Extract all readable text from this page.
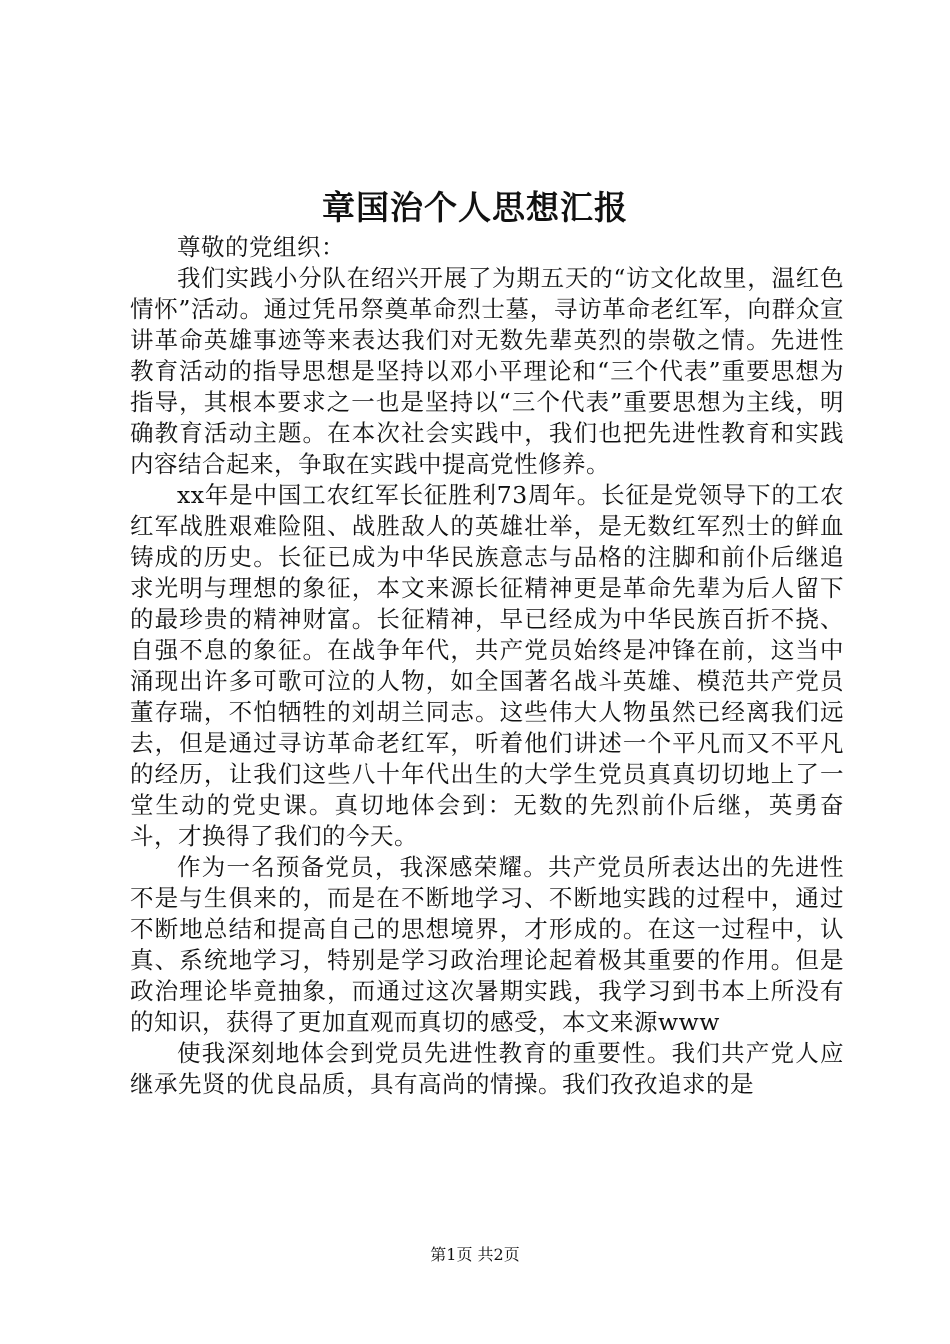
章国治个人思想汇报

尊敬的党组织：

我们实践小分队在绍兴开展了为期五天的“访文化故里，温红色情怀”活动。通过凭吊祭奠革命烈士墓，寻访革命老红军，向群众宣讲革命英雄事迹等来表达我们对无数先辈英烈的崇敬之情。先进性教育活动的指导思想是坚持以邓小平理论和“三个代表”重要思想为指导，其根本要求之一也是坚持以“三个代表”重要思想为主线，明确教育活动主题。在本次社会实践中，我们也把先进性教育和实践内容结合起来，争取在实践中提高党性修养。

xx年是中国工农红军长征胜利73周年。长征是党领导下的工农红军战胜艰难险阻、战胜敌人的英雄壮举，是无数红军烈士的鲜血铸成的历史。长征已成为中华民族意志与品格的注脚和前仆后继追求光明与理想的象征，本文来源长征精神更是革命先辈为后人留下的最珍贵的精神财富。长征精神，早已经成为中华民族百折不挠、自强不息的象征。在战争年代，共产党员始终是冲锋在前，这当中涌现出许多可歌可泣的人物，如全国著名战斗英雄、模范共产党员董存瑞，不怕牺牲的刘胡兰同志。这些伟大人物虽然已经离我们远去，但是通过寻访革命老红军，听着他们讲述一个平凡而又不平凡的经历，让我们这些八十年代出生的大学生党员真真切切地上了一堂生动的党史课。真切地体会到：无数的先烈前仆后继，英勇奋斗，才换得了我们的今天。

作为一名预备党员，我深感荣耀。共产党员所表达出的先进性不是与生俱来的，而是在不断地学习、不断地实践的过程中，通过不断地总结和提高自己的思想境界，才形成的。在这一过程中，认真、系统地学习，特别是学习政治理论起着极其重要的作用。但是政治理论毕竟抽象，而通过这次暑期实践，我学习到书本上所没有的知识，获得了更加直观而真切的感受，本文来源www

使我深刻地体会到党员先进性教育的重要性。我们共产党人应继承先贤的优良品质，具有高尚的情操。我们孜孜追求的是

第1页 共2页
